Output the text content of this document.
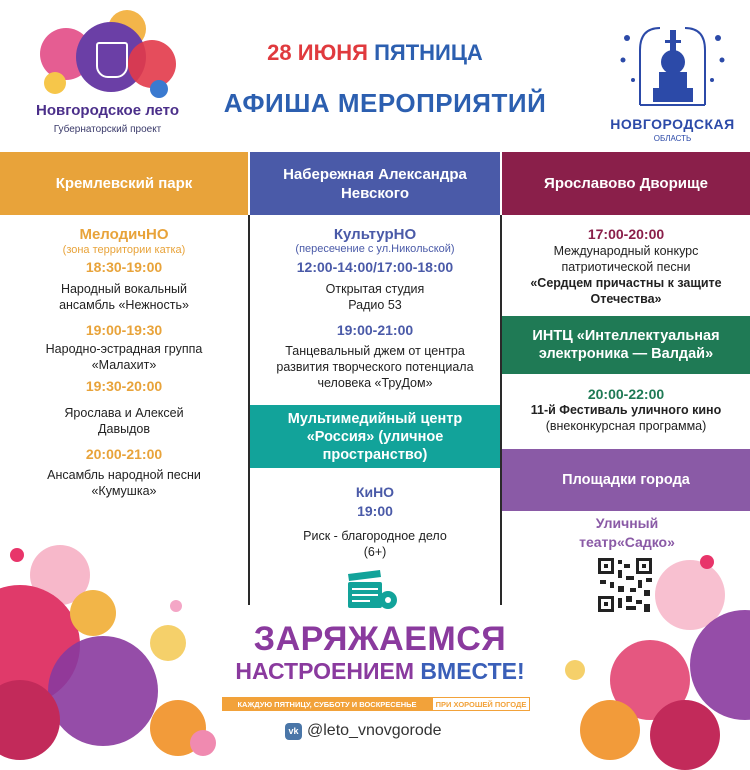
Новгородское лето
Губернаторский проект
28 ИЮНЯ ПЯТНИЦА
АФИША МЕРОПРИЯТИЙ
НОВГОРОДСКАЯ
ОБЛАСТЬ
Кремлевский парк
Набережная Александра Невского
Ярославово Дворище
МелодичНО
(зона территории катка)
18:30-19:00
Народный вокальный ансамбль «Нежность»
19:00-19:30
Народно-эстрадная группа «Малахит»
19:30-20:00
Ярослава и Алексей Давыдов
20:00-21:00
Ансамбль народной песни «Кумушка»
КультурНО
(пересечение с ул.Никольской)
12:00-14:00/17:00-18:00
Открытая студия Радио 53
19:00-21:00
Танцевальный джем от центра развития творческого потенциала человека «ТруДом»
Мультимедийный центр «Россия» (уличное пространство)
КиНО
19:00
Риск - благородное дело (6+)
17:00-20:00
Международный конкурс патриотической песни
«Сердцем причастны к защите Отечества»
ИНТЦ «Интеллектуальная электроника — Валдай»
20:00-22:00
11-й Фестиваль уличного кино
(внеконкурсная программа)
Площадки города
Уличный театр«Садко»
ЗАРЯЖАЕМСЯ
НАСТРОЕНИЕМ ВМЕСТЕ!
КАЖДУЮ ПЯТНИЦУ, СУББОТУ И ВОСКРЕСЕНЬЕ	ПРИ ХОРОШЕЙ ПОГОДЕ
vk @leto_vnovgorode
